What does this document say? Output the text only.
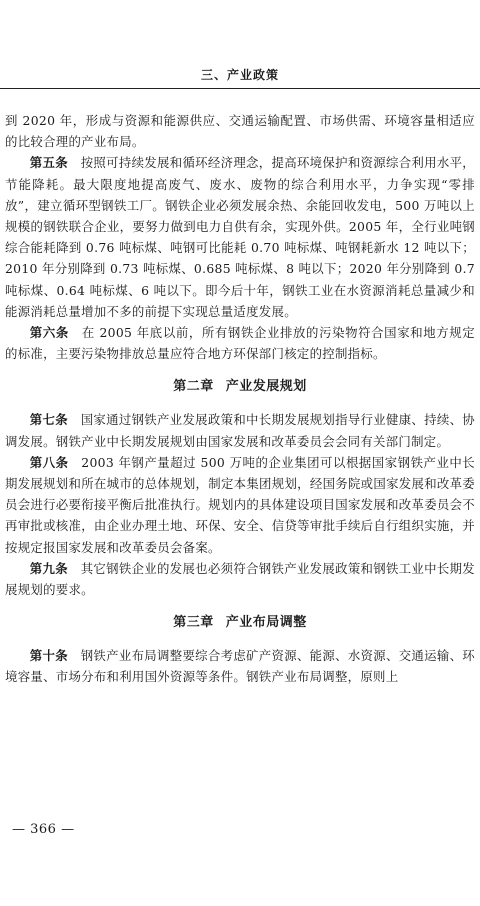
三、产业政策

到 2020 年，形成与资源和能源供应、交通运输配置、市场供需、环境容量相适应的比较合理的产业布局。

第五条  按照可持续发展和循环经济理念，提高环境保护和资源综合利用水平，节能降耗。最大限度地提高废气、废水、废物的综合利用水平，力争实现“零排放”，建立循环型钢铁工厂。钢铁企业必须发展余热、余能回收发电，500 万吨以上规模的钢铁联合企业，要努力做到电力自供有余，实现外供。2005 年，全行业吨钢综合能耗降到 0.76 吨标煤、吨钢可比能耗 0.70 吨标煤、吨钢耗新水 12 吨以下；2010 年分别降到 0.73 吨标煤、0.685 吨标煤、8 吨以下；2020 年分别降到 0.7 吨标煤、0.64 吨标煤、6 吨以下。即今后十年，钢铁工业在水资源消耗总量减少和能源消耗总量增加不多的前提下实现总量适度发展。

第六条  在 2005 年底以前，所有钢铁企业排放的污染物符合国家和地方规定的标准，主要污染物排放总量应符合地方环保部门核定的控制指标。

第二章 产业发展规划

第七条  国家通过钢铁产业发展政策和中长期发展规划指导行业健康、持续、协调发展。钢铁产业中长期发展规划由国家发展和改革委员会会同有关部门制定。

第八条  2003 年钢产量超过 500 万吨的企业集团可以根据国家钢铁产业中长期发展规划和所在城市的总体规划，制定本集团规划，经国务院或国家发展和改革委员会进行必要衔接平衡后批准执行。规划内的具体建设项目国家发展和改革委员会不再审批或核准，由企业办理土地、环保、安全、信贷等审批手续后自行组织实施，并按规定报国家发展和改革委员会备案。

第九条  其它钢铁企业的发展也必须符合钢铁产业发展政策和钢铁工业中长期发展规划的要求。

第三章 产业布局调整

第十条  钢铁产业布局调整要综合考虑矿产资源、能源、水资源、交通运输、环境容量、市场分布和利用国外资源等条件。钢铁产业布局调整，原则上

— 366 —
